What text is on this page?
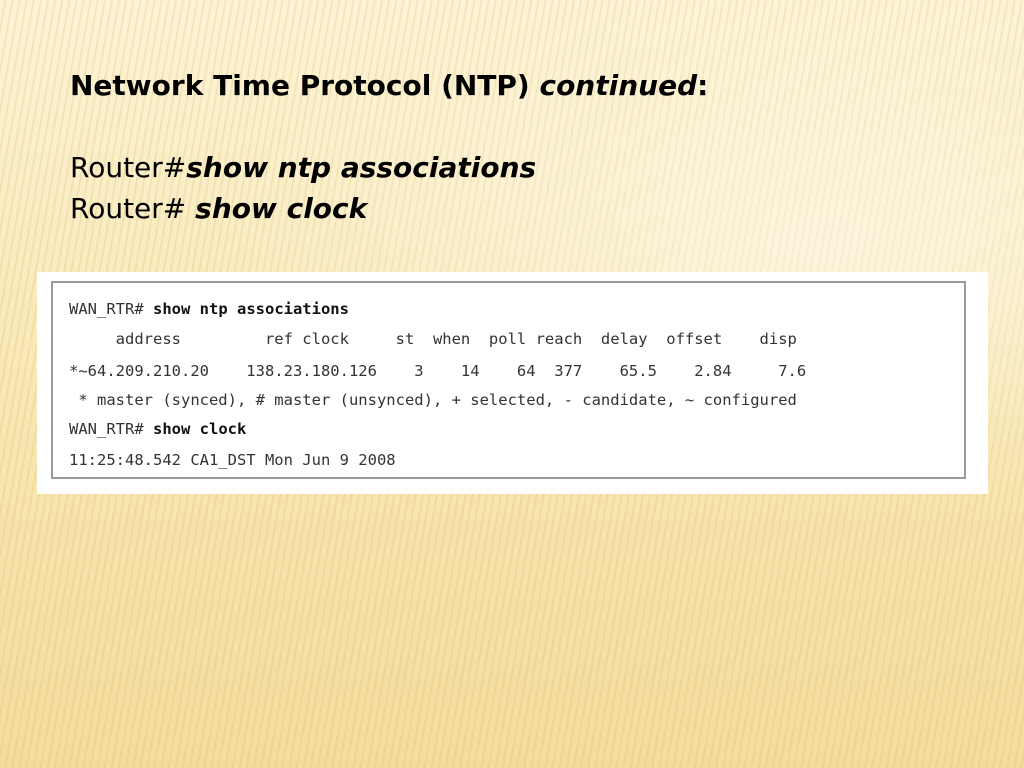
Network Time Protocol (NTP) continued:

Router#show ntp associations

Router# show clock

WAN_RTR# show ntp associations
address         ref clock     st  when  poll reach  delay  offset    disp
*~64.209.210.20    138.23.180.126    3    14    64  377    65.5    2.84     7.6
* master (synced), # master (unsynced), + selected, - candidate, ~ configured
WAN_RTR# show clock
11:25:48.542 CA1_DST Mon Jun 9 2008
